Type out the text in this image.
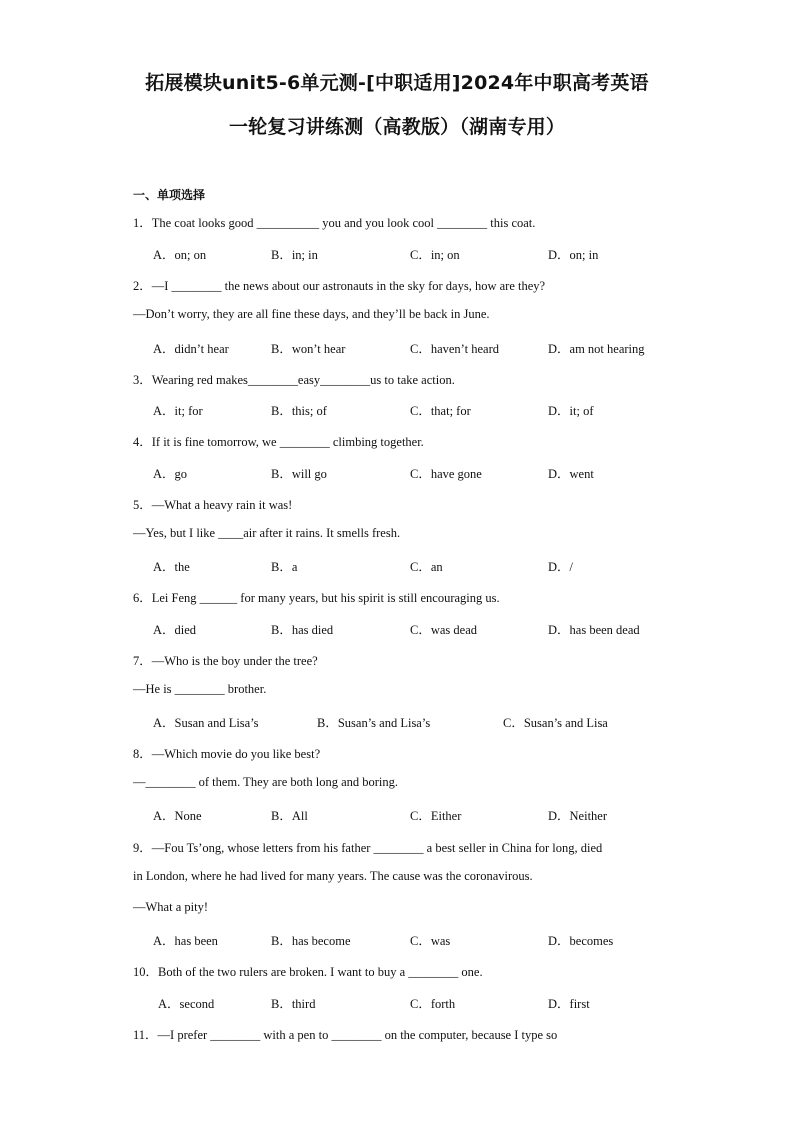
拓展模块unit5-6单元测-[中职适用]2024年中职高考英语
一轮复习讲练测（高教版）（湖南专用）
一、单项选择
1．The coat looks good __________ you and you look cool ________ this coat.
A．on; on	B．in; in	C．in; on	D．on; in
2．—I ________ the news about our astronauts in the sky for days, how are they?
—Don’t worry, they are all fine these days, and they’ll be back in June.
A．didn’t hear	B．won’t hear	C．haven’t heard	D．am not hearing
3．Wearing red makes________easy________us to take action.
A．it; for	B．this; of	C．that; for	D．it; of
4．If it is fine tomorrow, we ________ climbing together.
A．go	B．will go	C．have gone	D．went
5．—What a heavy rain it was!
—Yes, but I like ____air after it rains. It smells fresh.
A．the	B．a	C．an	D．/
6．Lei Feng ______ for many years, but his spirit is still encouraging us.
A．died	B．has died	C．was dead	D．has been dead
7．—Who is the boy under the tree?
—He is ________ brother.
A．Susan and Lisa’s	B．Susan’s and Lisa’s	C．Susan’s and Lisa
8．—Which movie do you like best?
—________ of them. They are both long and boring.
A．None	B．All	C．Either	D．Neither
9．—Fou Ts’ong, whose letters from his father ________ a best seller in China for long, died
in London, where he had lived for many years. The cause was the coronavirous.
—What a pity!
A．has been	B．has become	C．was	D．becomes
10．Both of the two rulers are broken. I want to buy a ________ one.
A．second	B．third	C．forth	D．first
11．—I prefer ________ with a pen to ________ on the computer, because I type so
